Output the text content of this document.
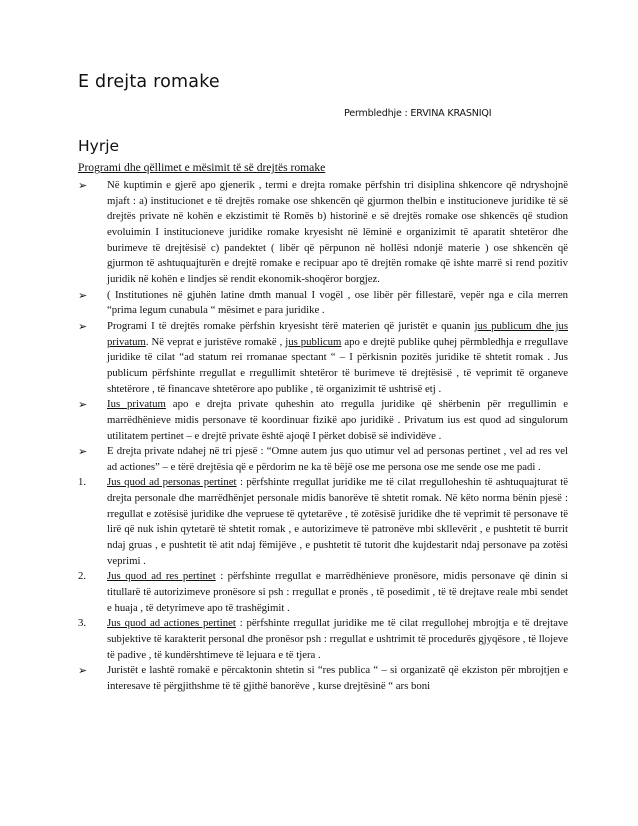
E drejta romake
Permbledhje : ERVINA KRASNIQI
Hyrje
Programi dhe qëllimet e mësimit të së drejtës romake
➢ Në kuptimin e gjerë apo gjenerik , termi e drejta romake përfshin tri disiplina shkencore që ndryshojnë mjaft : a) institucionet e të drejtës romake ose shkencën që gjurmon thelbin e institucioneve juridike të së drejtës private në kohën e ekzistimit të Romës b) historinë e së drejtës romake ose shkencës që studion evoluimin I institucioneve juridike romake kryesisht në lëminë e organizimit të aparatit shtetëror dhe burimeve të drejtësisë c) pandektet ( libër që përpunon në hollësi ndonjë materie ) ose shkencën që gjurmon të ashtuquajturën e drejtë romake e recipuar apo të drejtën romake që ishte marrë si rend pozitiv juridik në kohën e lindjes së rendit ekonomik-shoqëror borgjez.
➢ ( Institutiones në gjuhën latine dmth manual I vogël , ose libër për fillestarë, vepër nga e cila merren “prima legum cunabula “ mësimet e para juridike .
➢ Programi I të drejtës romake përfshin kryesisht tërë materien që juristët e quanin jus publicum dhe jus privatum. Në veprat e juristëve romakë , jus publicum apo e drejtë publike quhej përmbledhja e rregullave juridike të cilat “ad statum rei rromanae spectant “ – I përkisnin pozitës juridike të shtetit romak . Jus publicum përfshinte rregullat e rregullimit shtetëror të burimeve të drejtësisë , të veprimit të organeve shtetërore , të financave shtetërore apo publike , të organizimit të ushtrisë etj .
➢ Ius privatum apo e drejta private quheshin ato rregulla juridike që shërbenin për rregullimin e marrëdhënieve midis personave të koordinuar fizikë apo juridikë . Privatum ius est quod ad singulorum utilitatem pertinet – e drejtë private është ajoqë I përket dobisë së individëve .
➢ E drejta private ndahej në tri pjesë : “Omne autem jus quo utimur vel ad personas pertinet , vel ad res vel ad actiones” – e tërë drejtësia që e përdorim ne ka të bëjë ose me persona ose me sende ose me padi .
1. Jus quod ad personas pertinet : përfshinte rregullat juridike me të cilat rregulloheshin të ashtuquajturat të drejta personale dhe marrëdhënjet personale midis banorëve të shtetit romak. Në këto norma bënin pjesë : rregullat e zotësisë juridike dhe vepruese të qytetarëve , të zotësisë juridike dhe të veprimit të personave të lirë që nuk ishin qytetarë të shtetit romak , e autorizimeve të patronëve mbi skllevërit , e pushtetit të burrit ndaj gruas , e pushtetit të atit ndaj fëmijëve , e pushtetit të tutorit dhe kujdestarit ndaj personave pa zotësi veprimi .
2. Jus quod ad res pertinet : përfshinte rregullat e marrëdhënieve pronësore, midis personave që dinin si titullarë të autorizimeve pronësore si psh : rregullat e pronës , të posedimit , të të drejtave reale mbi sendet e huaja , të detyrimeve apo të trashëgimit .
3. Jus quod ad actiones pertinet : përfshinte rregullat juridike me të cilat rregullohej mbrojtja e të drejtave subjektive të karakterit personal dhe pronësor psh : rregullat e ushtrimit të procedurës gjyqësore , të llojeve të padive , të kundërshtimeve të lejuara e të tjera .
➢ Juristët e lashtë romakë e përcaktonin shtetin si “res publica “ – si organizatë që ekziston për mbrojtjen e interesave të përgjithshme të të gjithë banorëve , kurse drejtësinë “ ars boni
